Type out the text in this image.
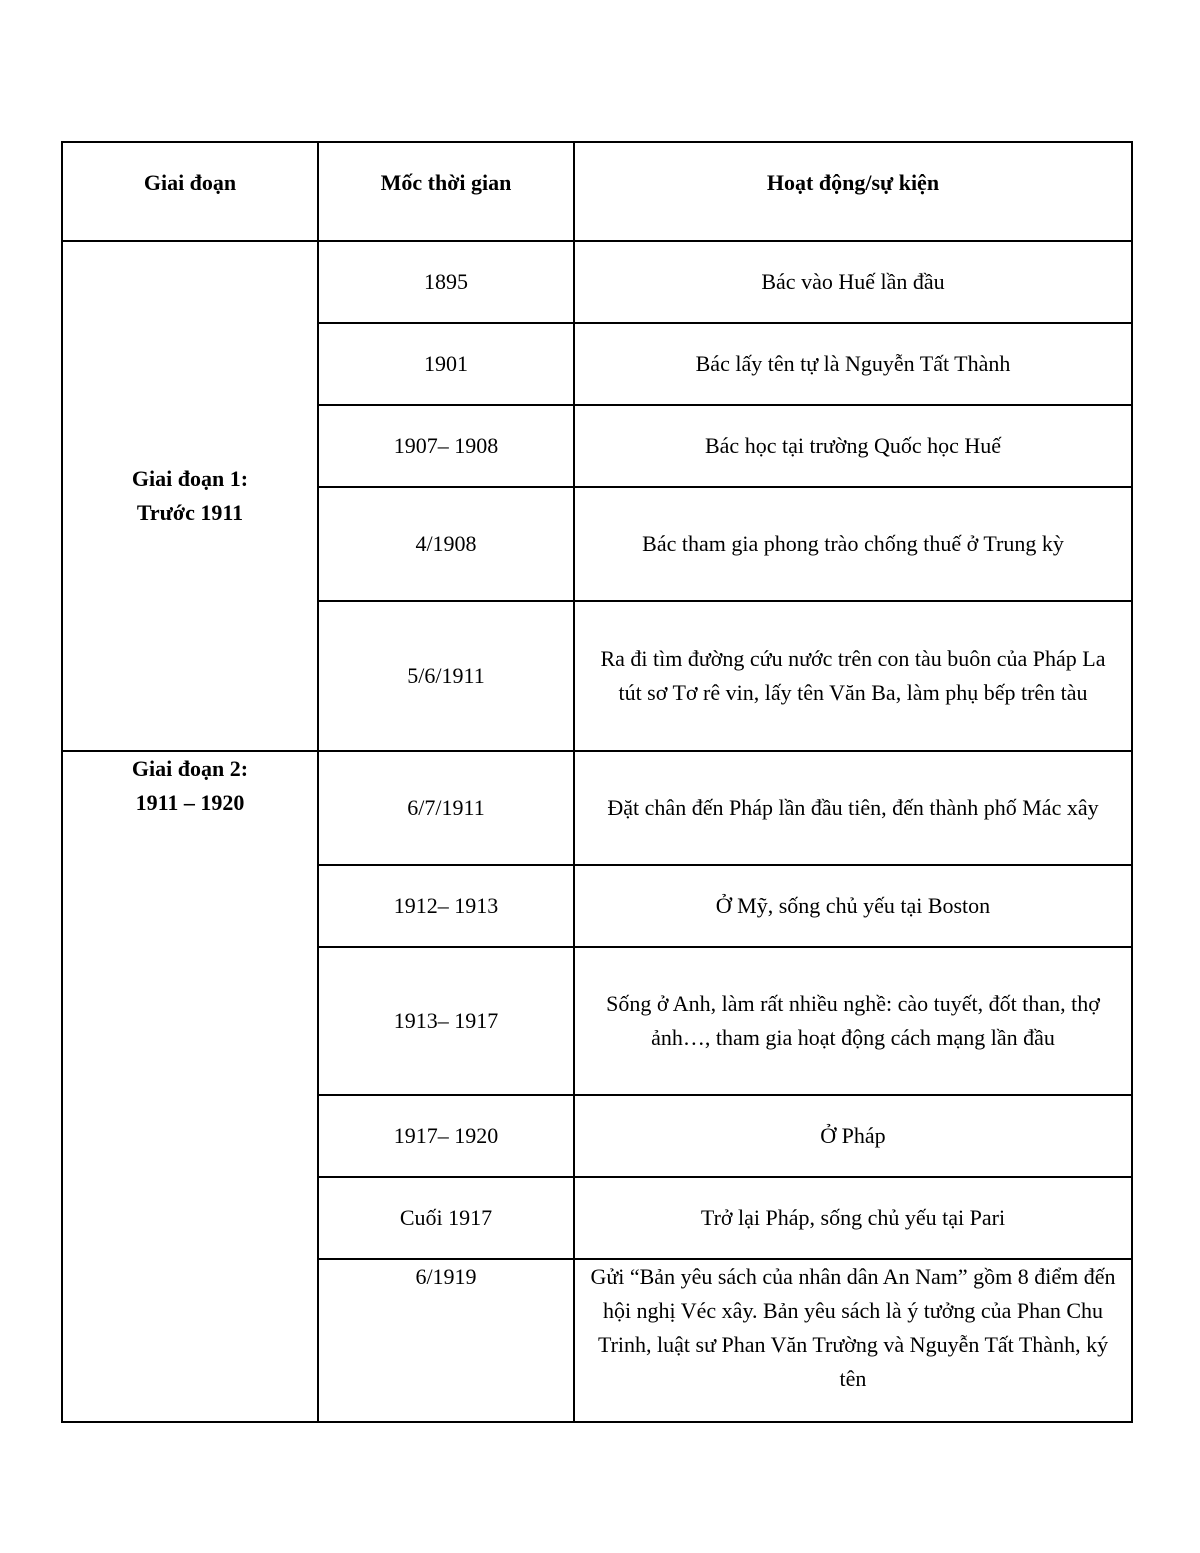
Giai đoạn	Mốc thời gian	Hoạt động/sự kiện
Giai đoạn 1:
Trước 1911	1895	Bác vào Huế lần đầu
	1901	Bác lấy tên tự là Nguyễn Tất Thành
	1907– 1908	Bác học tại trường Quốc học Huế
	4/1908	Bác tham gia phong trào chống thuế ở Trung kỳ
	5/6/1911	Ra đi tìm đường cứu nước trên con tàu buôn của Pháp La tút sơ Tơ rê vin, lấy tên Văn Ba, làm phụ bếp trên tàu
Giai đoạn 2:
1911 – 1920	6/7/1911	Đặt chân đến Pháp lần đầu tiên, đến thành phố Mác xây
	1912– 1913	Ở Mỹ, sống chủ yếu tại Boston
	1913– 1917	Sống ở Anh, làm rất nhiều nghề: cào tuyết, đốt than, thợ ảnh…, tham gia hoạt động cách mạng lần đầu
	1917– 1920	Ở Pháp
	Cuối 1917	Trở lại Pháp, sống chủ yếu tại Pari
	6/1919	Gửi “Bản yêu sách của nhân dân An Nam” gồm 8 điểm đến hội nghị Véc xây. Bản yêu sách là ý tưởng của Phan Chu Trinh, luật sư Phan Văn Trường và Nguyễn Tất Thành, ký tên
